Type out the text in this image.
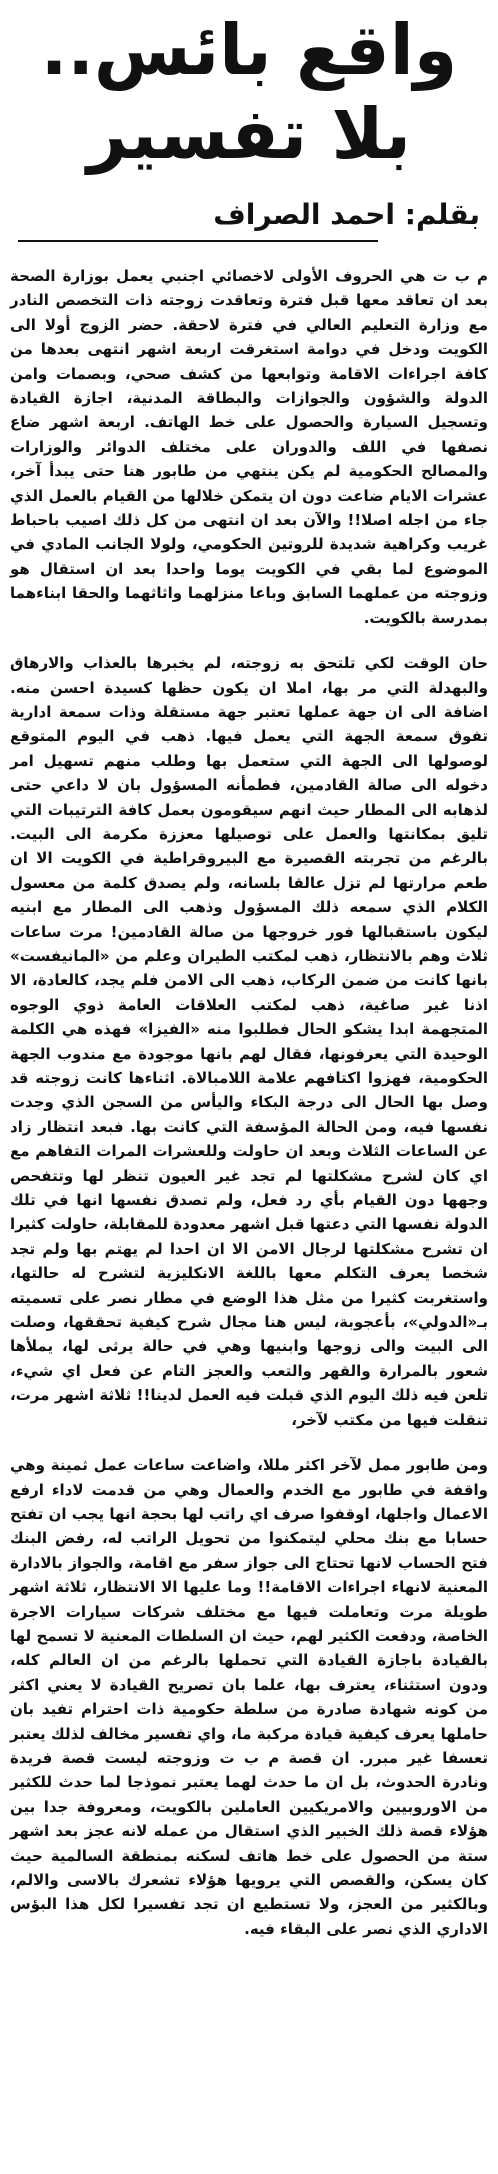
واقع بائس..
بلا تفسير
بقلم: احمد الصراف

م ب ت هي الحروف الأولى لاخصائي اجنبي يعمل بوزارة الصحة بعد ان تعاقد معها قبل فترة وتعاقدت زوجته ذات التخصص النادر مع وزارة التعليم العالي في فترة لاحقة. حضر الزوج أولا الى الكويت ودخل في دوامة استغرقت اربعة اشهر انتهى بعدها من كافة اجراءات الاقامة وتوابعها من كشف صحي، وبصمات وامن الدولة والشؤون والجوازات والبطاقة المدنية، اجازة القيادة وتسجيل السيارة والحصول على خط الهاتف. اربعة اشهر ضاع نصفها في اللف والدوران على مختلف الدوائر والوزارات والمصالح الحكومية لم يكن ينتهي من طابور هنا حتى يبدأ آخر، عشرات الايام ضاعت دون ان يتمكن خلالها من القيام بالعمل الذي جاء من اجله اصلا!! والآن بعد ان انتهى من كل ذلك اصيب باحباط غريب وكراهية شديدة للروتين الحكومي، ولولا الجانب المادي في الموضوع لما بقي في الكويت يوما واحدا بعد ان استقال هو وزوجته من عملهما السابق وباعا منزلهما واثاثهما والحقا ابناءهما بمدرسة بالكويت.

حان الوقت لكي تلتحق به زوجته، لم يخبرها بالعذاب والارهاق والبهدلة التي مر بها، املا ان يكون حظها كسيدة احسن منه. اضافة الى ان جهة عملها تعتبر جهة مستقلة وذات سمعة ادارية تفوق سمعة الجهة التي يعمل فيها. ذهب في اليوم المتوقع لوصولها الى الجهة التي ستعمل بها وطلب منهم تسهيل امر دخوله الى صالة القادمين، فطمأنه المسؤول بان لا داعي حتى لذهابه الى المطار حيث انهم سيقومون بعمل كافة الترتيبات التي تليق بمكانتها والعمل على توصيلها معززة مكرمة الى البيت. بالرغم من تجربته القصيرة مع البيروقراطية في الكويت الا ان طعم مرارتها لم تزل عالقا بلسانه، ولم يصدق كلمة من معسول الكلام الذي سمعه ذلك المسؤول وذهب الى المطار مع ابنيه ليكون باستقبالها فور خروجها من صالة القادمين! مرت ساعات ثلاث وهم بالانتظار، ذهب لمكتب الطيران وعلم من «المانيفست» بانها كانت من ضمن الركاب، ذهب الى الامن فلم يجد، كالعادة، الا اذنا غير صاغية، ذهب لمكتب العلاقات العامة ذوي الوجوه المتجهمة ابدا يشكو الحال فطلبوا منه «الفيزا» فهذه هي الكلمة الوحيدة التي يعرفونها، فقال لهم بانها موجودة مع مندوب الجهة الحكومية، فهزوا اكتافهم علامة اللامبالاة. اثناءها كانت زوجته قد وصل بها الحال الى درجة البكاء واليأس من السجن الذي وجدت نفسها فيه، ومن الحالة المؤسفة التي كانت بها. فبعد انتظار زاد عن الساعات الثلاث وبعد ان حاولت وللعشرات المرات التفاهم مع اي كان لشرح مشكلتها لم تجد غير العيون تنظر لها وتتفحص وجهها دون القيام بأي رد فعل، ولم تصدق نفسها انها في تلك الدولة نفسها التي دعتها قبل اشهر معدودة للمقابلة، حاولت كثيرا ان تشرح مشكلتها لرجال الامن الا ان احدا لم يهتم بها ولم تجد شخصا يعرف التكلم معها باللغة الانكليزية لتشرح له حالتها، واستغربت كثيرا من مثل هذا الوضع في مطار نصر على تسميته بـ«الدولي»، بأعجوبة، ليس هنا مجال شرح كيفية تحققها، وصلت الى البيت والى زوجها وابنيها وهي في حالة يرثى لها، يملأها شعور بالمرارة والقهر والتعب والعجز التام عن فعل اي شيء، تلعن فيه ذلك اليوم الذي قبلت فيه العمل لدينا!! ثلاثة اشهر مرت، تنقلت فيها من مكتب لآخر،

ومن طابور ممل لآخر اكثر مللا، واضاعت ساعات عمل ثمينة وهي واقفة في طابور مع الخدم والعمال وهي من قدمت لاداء ارفع الاعمال واجلها، اوقفوا صرف اي راتب لها بحجة انها يجب ان تفتح حسابا مع بنك محلي ليتمكنوا من تحويل الراتب له، رفض البنك فتح الحساب لانها تحتاج الى جواز سفر مع اقامة، والجواز بالادارة المعنية لانهاء اجراءات الاقامة!! وما عليها الا الانتظار، ثلاثة اشهر طويلة مرت وتعاملت فيها مع مختلف شركات سيارات الاجرة الخاصة، ودفعت الكثير لهم، حيث ان السلطات المعنية لا تسمح لها بالقيادة باجازة القيادة التي تحملها بالرغم من ان العالم كله، ودون استثناء، يعترف بها، علما بان تصريح القيادة لا يعني اكثر من كونه شهادة صادرة من سلطة حكومية ذات احترام تفيد بان حاملها يعرف كيفية قيادة مركبة ما، واي تفسير مخالف لذلك يعتبر تعسفا غير مبرر. ان قصة م ب ت وزوجته ليست قصة فريدة ونادرة الحدوث، بل ان ما حدث لهما يعتبر نموذجا لما حدث للكثير من الاوروبيين والامريكيين العاملين بالكويت، ومعروفة جدا بين هؤلاء قصة ذلك الخبير الذي استقال من عمله لانه عجز بعد اشهر ستة من الحصول على خط هاتف لسكنه بمنطقة السالمية حيث كان يسكن، والقصص التي يرويها هؤلاء تشعرك بالاسى والالم، وبالكثير من العجز، ولا تستطيع ان تجد تفسيرا لكل هذا البؤس الاداري الذي نصر على البقاء فيه.
